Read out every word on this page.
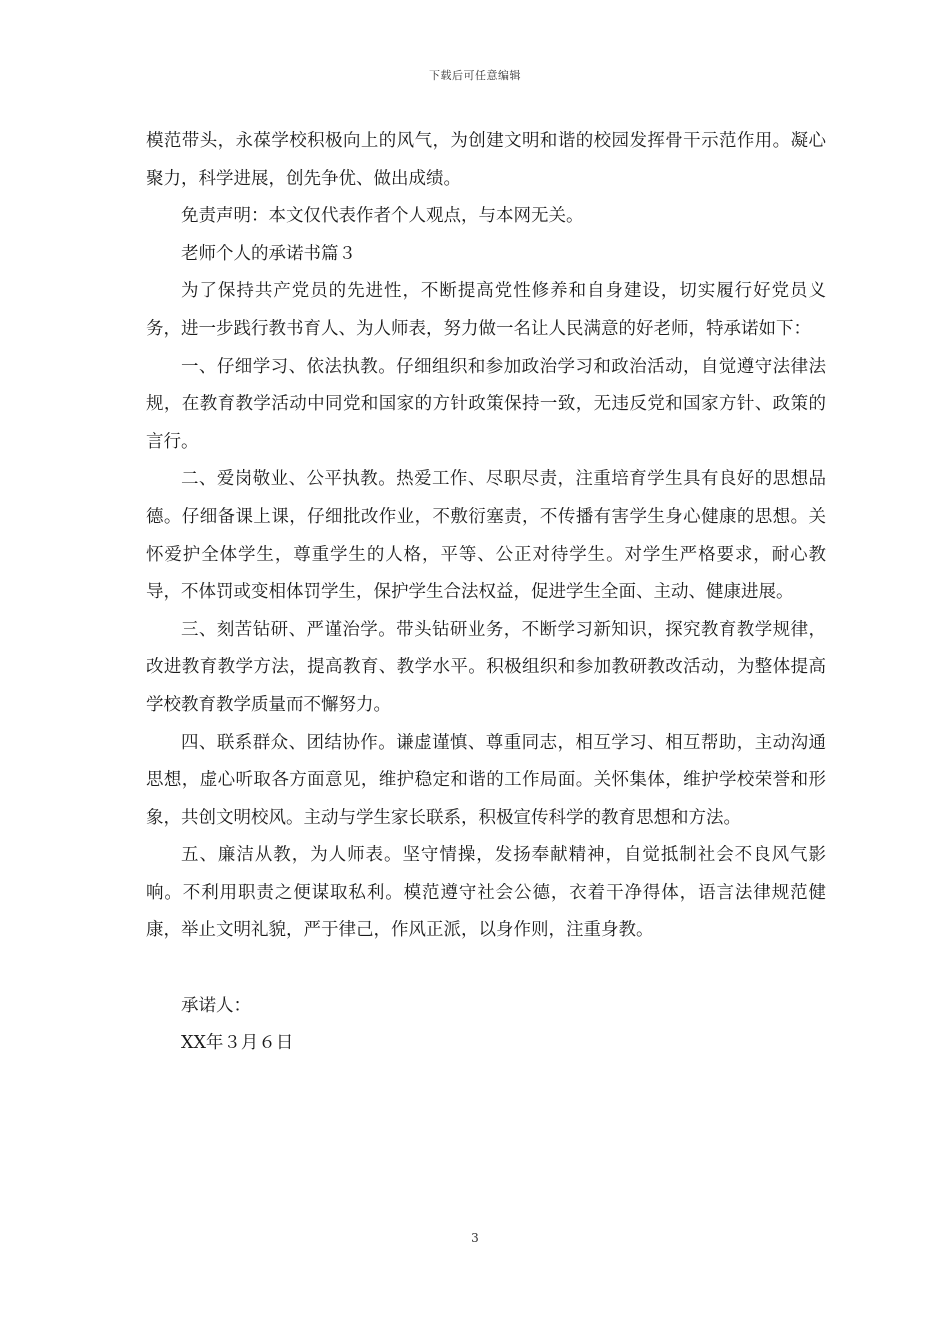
下载后可任意编辑

模范带头，永葆学校积极向上的风气，为创建文明和谐的校园发挥骨干示范作用。凝心聚力，科学进展，创先争优、做出成绩。

免责声明：本文仅代表作者个人观点，与本网无关。

老师个人的承诺书篇３

为了保持共产党员的先进性，不断提高党性修养和自身建设，切实履行好党员义务，进一步践行教书育人、为人师表，努力做一名让人民满意的好老师，特承诺如下：

一、仔细学习、依法执教。仔细组织和参加政治学习和政治活动，自觉遵守法律法规，在教育教学活动中同党和国家的方针政策保持一致，无违反党和国家方针、政策的言行。

二、爱岗敬业、公平执教。热爱工作、尽职尽责，注重培育学生具有良好的思想品德。仔细备课上课，仔细批改作业，不敷衍塞责，不传播有害学生身心健康的思想。关怀爱护全体学生，尊重学生的人格，平等、公正对待学生。对学生严格要求，耐心教导，不体罚或变相体罚学生，保护学生合法权益，促进学生全面、主动、健康进展。

三、刻苦钻研、严谨治学。带头钻研业务，不断学习新知识，探究教育教学规律，改进教育教学方法，提高教育、教学水平。积极组织和参加教研教改活动，为整体提高学校教育教学质量而不懈努力。

四、联系群众、团结协作。谦虚谨慎、尊重同志，相互学习、相互帮助，主动沟通思想，虚心听取各方面意见，维护稳定和谐的工作局面。关怀集体，维护学校荣誉和形象，共创文明校风。主动与学生家长联系，积极宣传科学的教育思想和方法。

五、廉洁从教，为人师表。坚守情操，发扬奉献精神，自觉抵制社会不良风气影响。不利用职责之便谋取私利。模范遵守社会公德，衣着干净得体，语言法律规范健康，举止文明礼貌，严于律己，作风正派，以身作则，注重身教。

承诺人：

XX年３月６日

3
